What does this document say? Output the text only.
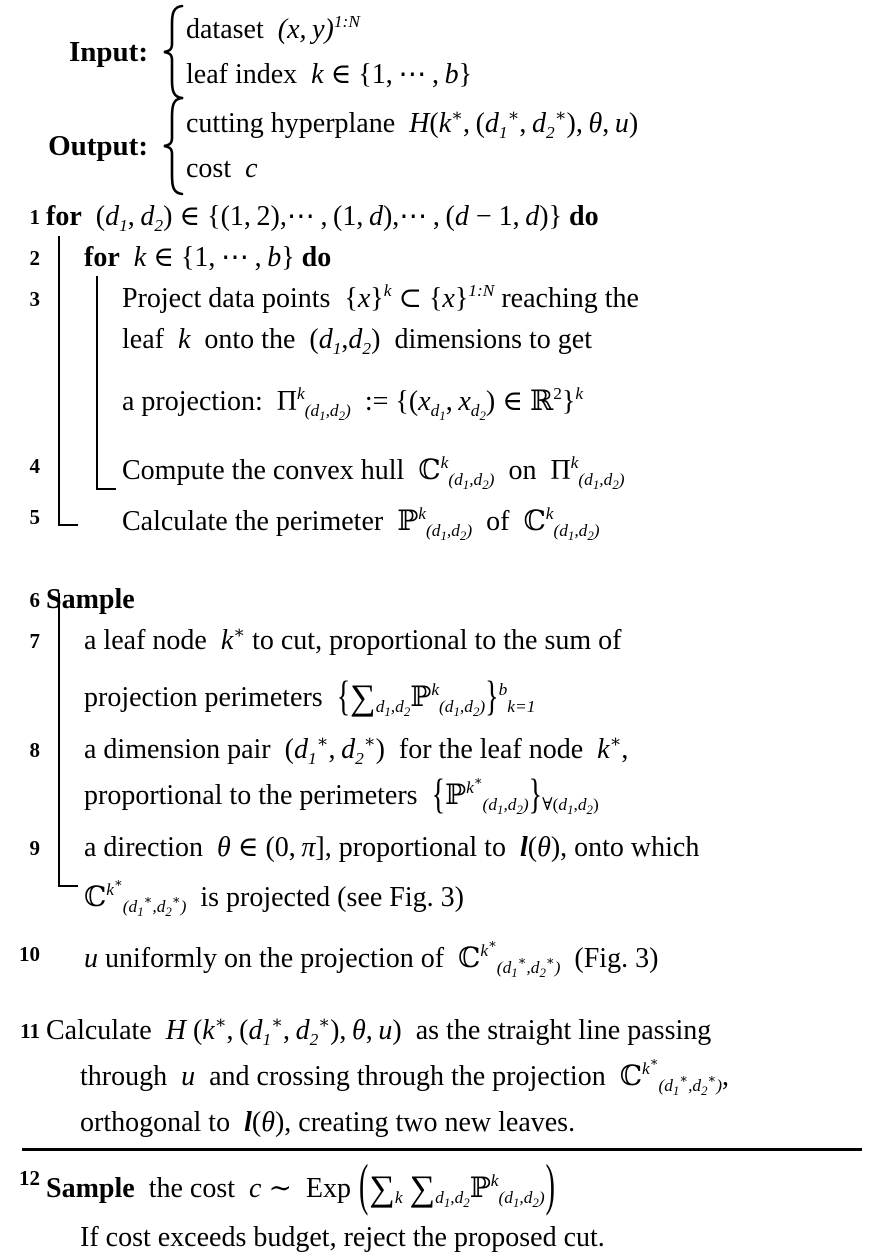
Input:
dataset  (x, y)$^{1:N}$
leaf index  k ∈ {1, ⋯ , b}
Output:
cutting hyperplane  H(k∗, ($d_1^∗$, $d_2^∗$), θ, u)
cost  c
1 for  ($d_1$, $d_2$) ∈ {(1, 2),⋯ , (1, d),⋯ , (d − 1, d)} do
2	for  k ∈ {1, ⋯ , b} do
3	Project data points  $\{x\}^k$ ⊂ $\{x\}^{1:N}$ reaching the
leaf  k  onto the  $(d_1,d_2)$  dimensions to get
a projection:  $\Pi^k_{(d_1,d_2)}$  := {($x_{d_1}$, $x_{d_2}$) ∈ ℝ$^2$}$^k$
4	Compute the convex hull ℂ$^k_{(d_1,d_2)}$ on  $\Pi^k_{(d_1,d_2)}$
5	Calculate the perimeter ℙ$^k_{(d_1,d_2)}$ of ℂ$^k_{(d_1,d_2)}$
6 Sample
7	a leaf node  k∗ to cut, proportional to the sum of
projection perimeters  $\{\sum_{d_1,d_2}ℙ^k_{(d_1,d_2)}\}^b_{k=1}$
8	a dimension pair  ($d_1^∗$, $d_2^∗$)  for the leaf node  k∗,
proportional to the perimeters  $\{ℙ^{k^∗}_{(d_1,d_2)}\}_{\forall(d_1,d_2)}$
9	a direction  θ ∈ (0, π], proportional to  l(θ), onto which
ℂ$^{k^∗}_{(d_1^∗,d_2^∗)}$ is projected (see Fig. 3)
10	u uniformly on the projection of ℂ$^{k^∗}_{(d_1^∗,d_2^∗)}$ (Fig. 3)
11 Calculate  H (k∗, ($d_1^∗$, $d_2^∗$), θ, u)  as the straight line passing
through  u  and crossing through the projection ℂ$^{k^∗}_{(d_1^∗,d_2^∗)}$,
orthogonal to  l(θ), creating two new leaves.
12 Sample the cost  c ∼ Exp ($\sum_k$ $\sum_{d_1,d_2}ℙ^k_{(d_1,d_2)}$)
If cost exceeds budget, reject the proposed cut.
